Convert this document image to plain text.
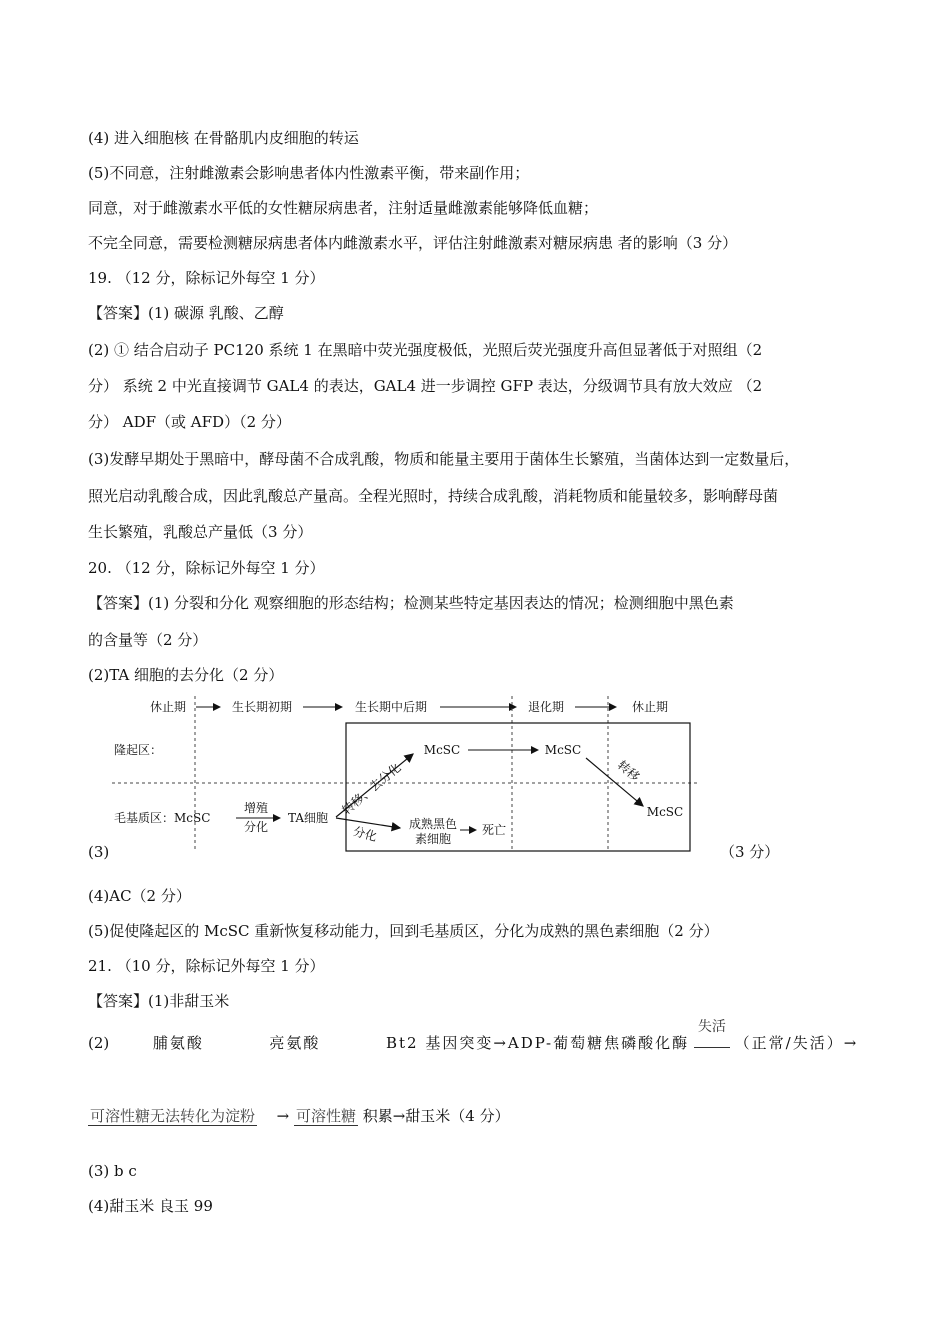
(4) 进入细胞核 在骨骼肌内皮细胞的转运
(5)不同意，注射雌激素会影响患者体内性激素平衡，带来副作用；
同意，对于雌激素水平低的女性糖尿病患者，注射适量雌激素能够降低血糖；
不完全同意，需要检测糖尿病患者体内雌激素水平，评估注射雌激素对糖尿病患 者的影响（3 分）
19. （12 分，除标记外每空 1 分）
【答案】(1) 碳源 乳酸、乙醇
(2) ① 结合启动子 PC120 系统 1 在黑暗中荧光强度极低，光照后荧光强度升高但显著低于对照组（2
分） 系统 2 中光直接调节 GAL4 的表达，GAL4 进一步调控 GFP 表达，分级调节具有放大效应 （2
分） ADF（或 AFD）（2 分）
(3)发酵早期处于黑暗中，酵母菌不合成乳酸，物质和能量主要用于菌体生长繁殖，当菌体达到一定数量后，
照光启动乳酸合成，因此乳酸总产量高。全程光照时，持续合成乳酸，消耗物质和能量较多，影响酵母菌
生长繁殖，乳酸总产量低（3 分）
20. （12 分，除标记外每空 1 分）
【答案】(1) 分裂和分化 观察细胞的形态结构；检测某些特定基因表达的情况；检测细胞中黑色素
的含量等（2 分）
(2)TA 细胞的去分化（2 分）
休止期	生长期初期	生长期中后期	退化期	休止期
隆起区：
毛基质区：McSC
增殖
分化
TA细胞
转移、去分化
McSC	McSC
转移
McSC
分化
成熟黑色
素细胞
死亡
(3)	（3 分）
(4)AC（2 分）
(5)促使隆起区的 McSC 重新恢复移动能力，回到毛基质区，分化为成熟的黑色素细胞（2 分）
21. （10 分，除标记外每空 1 分）
【答案】(1)非甜玉米
(2)	脯氨酸	亮氨酸	Bt2 基因突变→ADP-葡萄糖焦磷酸化酶
失活
（正常/失活）→
可溶性糖无法转化为淀粉 → 可溶性糖 积累→甜玉米（4 分）
(3) b c
(4)甜玉米 良玉 99
